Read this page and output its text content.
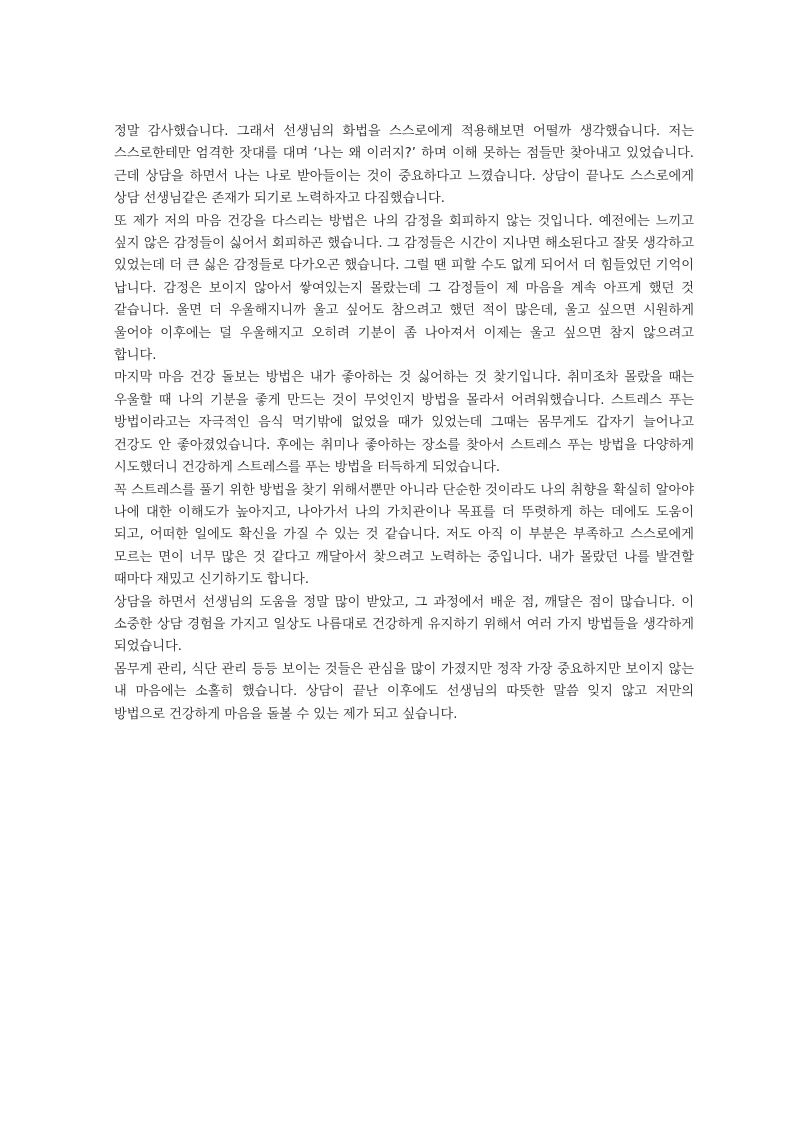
정말 감사했습니다. 그래서 선생님의 화법을 스스로에게 적용해보면 어떨까 생각했습니다. 저는 스스로한테만 엄격한 잣대를 대며 ‘나는 왜 이러지?’ 하며 이해 못하는 점들만 찾아내고 있었습니다. 근데 상담을 하면서 나는 나로 받아들이는 것이 중요하다고 느꼈습니다. 상담이 끝나도 스스로에게 상담 선생님같은 존재가 되기로 노력하자고 다짐했습니다.

또 제가 저의 마음 건강을 다스리는 방법은 나의 감정을 회피하지 않는 것입니다. 예전에는 느끼고 싶지 않은 감정들이 싫어서 회피하곤 했습니다. 그 감정들은 시간이 지나면 해소된다고 잘못 생각하고 있었는데 더 큰 싫은 감정들로 다가오곤 했습니다. 그럴 땐 피할 수도 없게 되어서 더 힘들었던 기억이 납니다. 감정은 보이지 않아서 쌓여있는지 몰랐는데 그 감정들이 제 마음을 계속 아프게 했던 것 같습니다. 울면 더 우울해지니까 울고 싶어도 참으려고 했던 적이 많은데, 울고 싶으면 시원하게 울어야 이후에는 덜 우울해지고 오히려 기분이 좀 나아져서 이제는 울고 싶으면 참지 않으려고 합니다.

마지막 마음 건강 돌보는 방법은 내가 좋아하는 것 싫어하는 것 찾기입니다. 취미조차 몰랐을 때는 우울할 때 나의 기분을 좋게 만드는 것이 무엇인지 방법을 몰라서 어려워했습니다. 스트레스 푸는 방법이라고는 자극적인 음식 먹기밖에 없었을 때가 있었는데 그때는 몸무게도 갑자기 늘어나고 건강도 안 좋아졌었습니다. 후에는 취미나 좋아하는 장소를 찾아서 스트레스 푸는 방법을 다양하게 시도했더니 건강하게 스트레스를 푸는 방법을 터득하게 되었습니다.

꼭 스트레스를 풀기 위한 방법을 찾기 위해서뿐만 아니라 단순한 것이라도 나의 취향을 확실히 알아야 나에 대한 이해도가 높아지고, 나아가서 나의 가치관이나 목표를 더 뚜렷하게 하는 데에도 도움이 되고, 어떠한 일에도 확신을 가질 수 있는 것 같습니다. 저도 아직 이 부분은 부족하고 스스로에게 모르는 면이 너무 많은 것 같다고 깨달아서 찾으려고 노력하는 중입니다. 내가 몰랐던 나를 발견할 때마다 재밌고 신기하기도 합니다.

상담을 하면서 선생님의 도움을 정말 많이 받았고, 그 과정에서 배운 점, 깨달은 점이 많습니다. 이 소중한 상담 경험을 가지고 일상도 나름대로 건강하게 유지하기 위해서 여러 가지 방법들을 생각하게 되었습니다.

몸무게 관리, 식단 관리 등등 보이는 것들은 관심을 많이 가졌지만 정작 가장 중요하지만 보이지 않는 내 마음에는 소홀히 했습니다. 상담이 끝난 이후에도 선생님의 따뜻한 말씀 잊지 않고 저만의 방법으로 건강하게 마음을 돌볼 수 있는 제가 되고 싶습니다.
